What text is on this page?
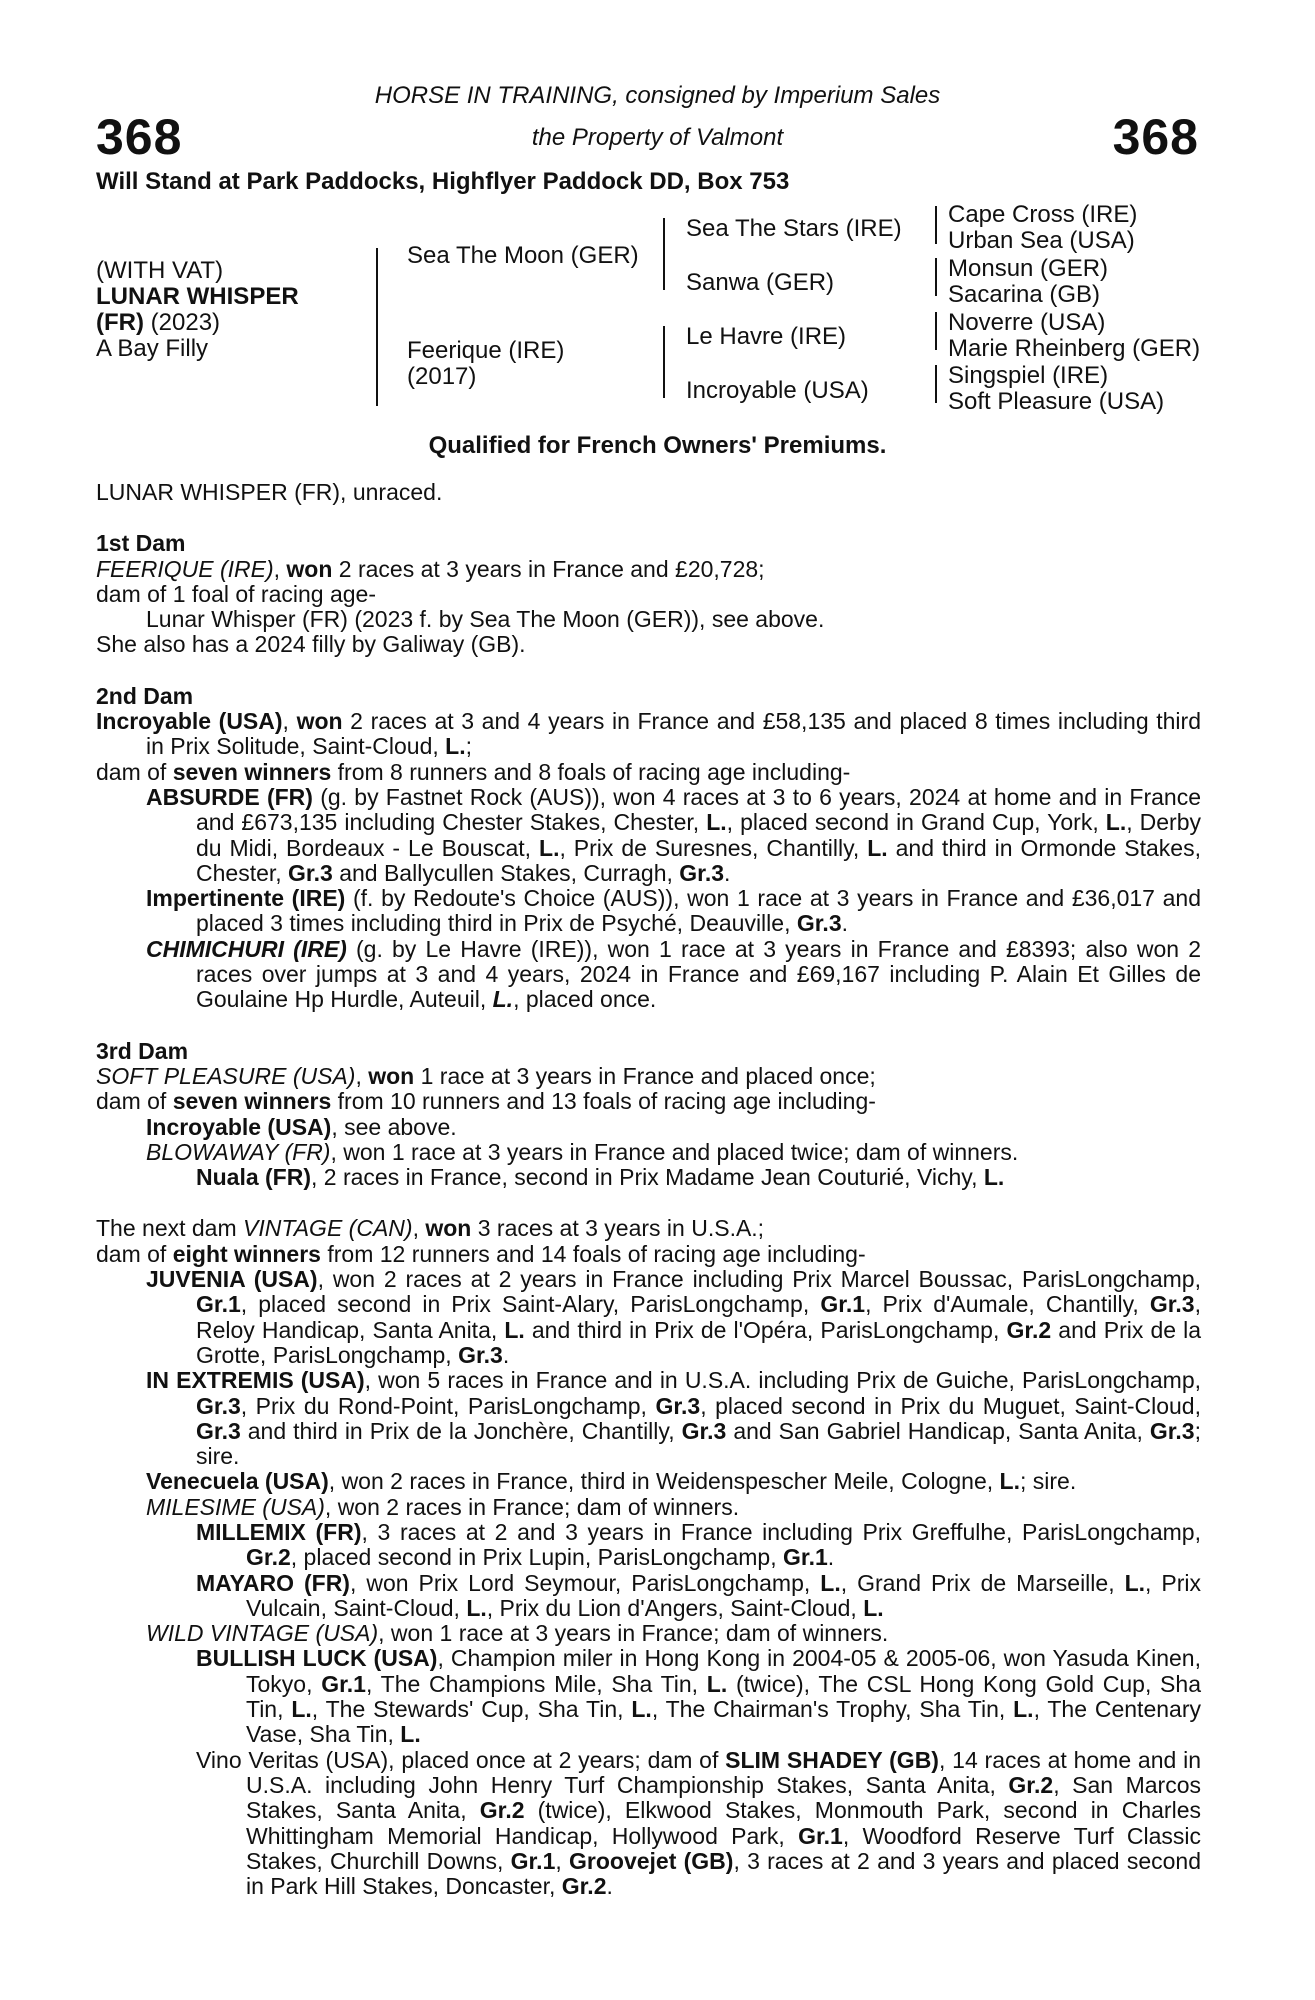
368	368
HORSE IN TRAINING, consigned by Imperium Sales
the Property of Valmont
Will Stand at Park Paddocks, Highflyer Paddock DD, Box 753
(WITH VAT)
LUNAR WHISPER
(FR) (2023)
A Bay Filly
Sea The Moon (GER)
Feerique (IRE)
(2017)
Sea The Stars (IRE)
Sanwa (GER)
Le Havre (IRE)
Incroyable (USA)
Cape Cross (IRE)
Urban Sea (USA)
Monsun (GER)
Sacarina (GB)
Noverre (USA)
Marie Rheinberg (GER)
Singspiel (IRE)
Soft Pleasure (USA)
Qualified for French Owners' Premiums.

LUNAR WHISPER (FR), unraced.

1st Dam

FEERIQUE (IRE), won 2 races at 3 years in France and £20,728;

dam of 1 foal of racing age-

Lunar Whisper (FR) (2023 f. by Sea The Moon (GER)), see above.

She also has a 2024 filly by Galiway (GB).

2nd Dam

Incroyable (USA), won 2 races at 3 and 4 years in France and £58,135 and placed 8 times including third in Prix Solitude, Saint-Cloud, L.;

dam of seven winners from 8 runners and 8 foals of racing age including-

ABSURDE (FR) (g. by Fastnet Rock (AUS)), won 4 races at 3 to 6 years, 2024 at home and in France and £673,135 including Chester Stakes, Chester, L., placed second in Grand Cup, York, L., Derby du Midi, Bordeaux - Le Bouscat, L., Prix de Suresnes, Chantilly, L. and third in Ormonde Stakes, Chester, Gr.3 and Ballycullen Stakes, Curragh, Gr.3.

Impertinente (IRE) (f. by Redoute's Choice (AUS)), won 1 race at 3 years in France and £36,017 and placed 3 times including third in Prix de Psyché, Deauville, Gr.3.

CHIMICHURI (IRE) (g. by Le Havre (IRE)), won 1 race at 3 years in France and £8393; also won 2 races over jumps at 3 and 4 years, 2024 in France and £69,167 including P. Alain Et Gilles de Goulaine Hp Hurdle, Auteuil, L., placed once.

3rd Dam

SOFT PLEASURE (USA), won 1 race at 3 years in France and placed once;

dam of seven winners from 10 runners and 13 foals of racing age including-

Incroyable (USA), see above.

BLOWAWAY (FR), won 1 race at 3 years in France and placed twice; dam of winners.

Nuala (FR), 2 races in France, second in Prix Madame Jean Couturié, Vichy, L.

The next dam VINTAGE (CAN), won 3 races at 3 years in U.S.A.;

dam of eight winners from 12 runners and 14 foals of racing age including-

JUVENIA (USA), won 2 races at 2 years in France including Prix Marcel Boussac, ParisLongchamp, Gr.1, placed second in Prix Saint-Alary, ParisLongchamp, Gr.1, Prix d'Aumale, Chantilly, Gr.3, Reloy Handicap, Santa Anita, L. and third in Prix de l'Opéra, ParisLongchamp, Gr.2 and Prix de la Grotte, ParisLongchamp, Gr.3.

IN EXTREMIS (USA), won 5 races in France and in U.S.A. including Prix de Guiche, ParisLongchamp, Gr.3, Prix du Rond-Point, ParisLongchamp, Gr.3, placed second in Prix du Muguet, Saint-Cloud, Gr.3 and third in Prix de la Jonchère, Chantilly, Gr.3 and San Gabriel Handicap, Santa Anita, Gr.3; sire.

Venecuela (USA), won 2 races in France, third in Weidenspescher Meile, Cologne, L.; sire.

MILESIME (USA), won 2 races in France; dam of winners.

MILLEMIX (FR), 3 races at 2 and 3 years in France including Prix Greffulhe, ParisLongchamp, Gr.2, placed second in Prix Lupin, ParisLongchamp, Gr.1.

MAYARO (FR), won Prix Lord Seymour, ParisLongchamp, L., Grand Prix de Marseille, L., Prix Vulcain, Saint-Cloud, L., Prix du Lion d'Angers, Saint-Cloud, L.

WILD VINTAGE (USA), won 1 race at 3 years in France; dam of winners.

BULLISH LUCK (USA), Champion miler in Hong Kong in 2004-05 & 2005-06, won Yasuda Kinen, Tokyo, Gr.1, The Champions Mile, Sha Tin, L. (twice), The CSL Hong Kong Gold Cup, Sha Tin, L., The Stewards' Cup, Sha Tin, L., The Chairman's Trophy, Sha Tin, L., The Centenary Vase, Sha Tin, L.

Vino Veritas (USA), placed once at 2 years; dam of SLIM SHADEY (GB), 14 races at home and in U.S.A. including John Henry Turf Championship Stakes, Santa Anita, Gr.2, San Marcos Stakes, Santa Anita, Gr.2 (twice), Elkwood Stakes, Monmouth Park, second in Charles Whittingham Memorial Handicap, Hollywood Park, Gr.1, Woodford Reserve Turf Classic Stakes, Churchill Downs, Gr.1, Groovejet (GB), 3 races at 2 and 3 years and placed second in Park Hill Stakes, Doncaster, Gr.2.
